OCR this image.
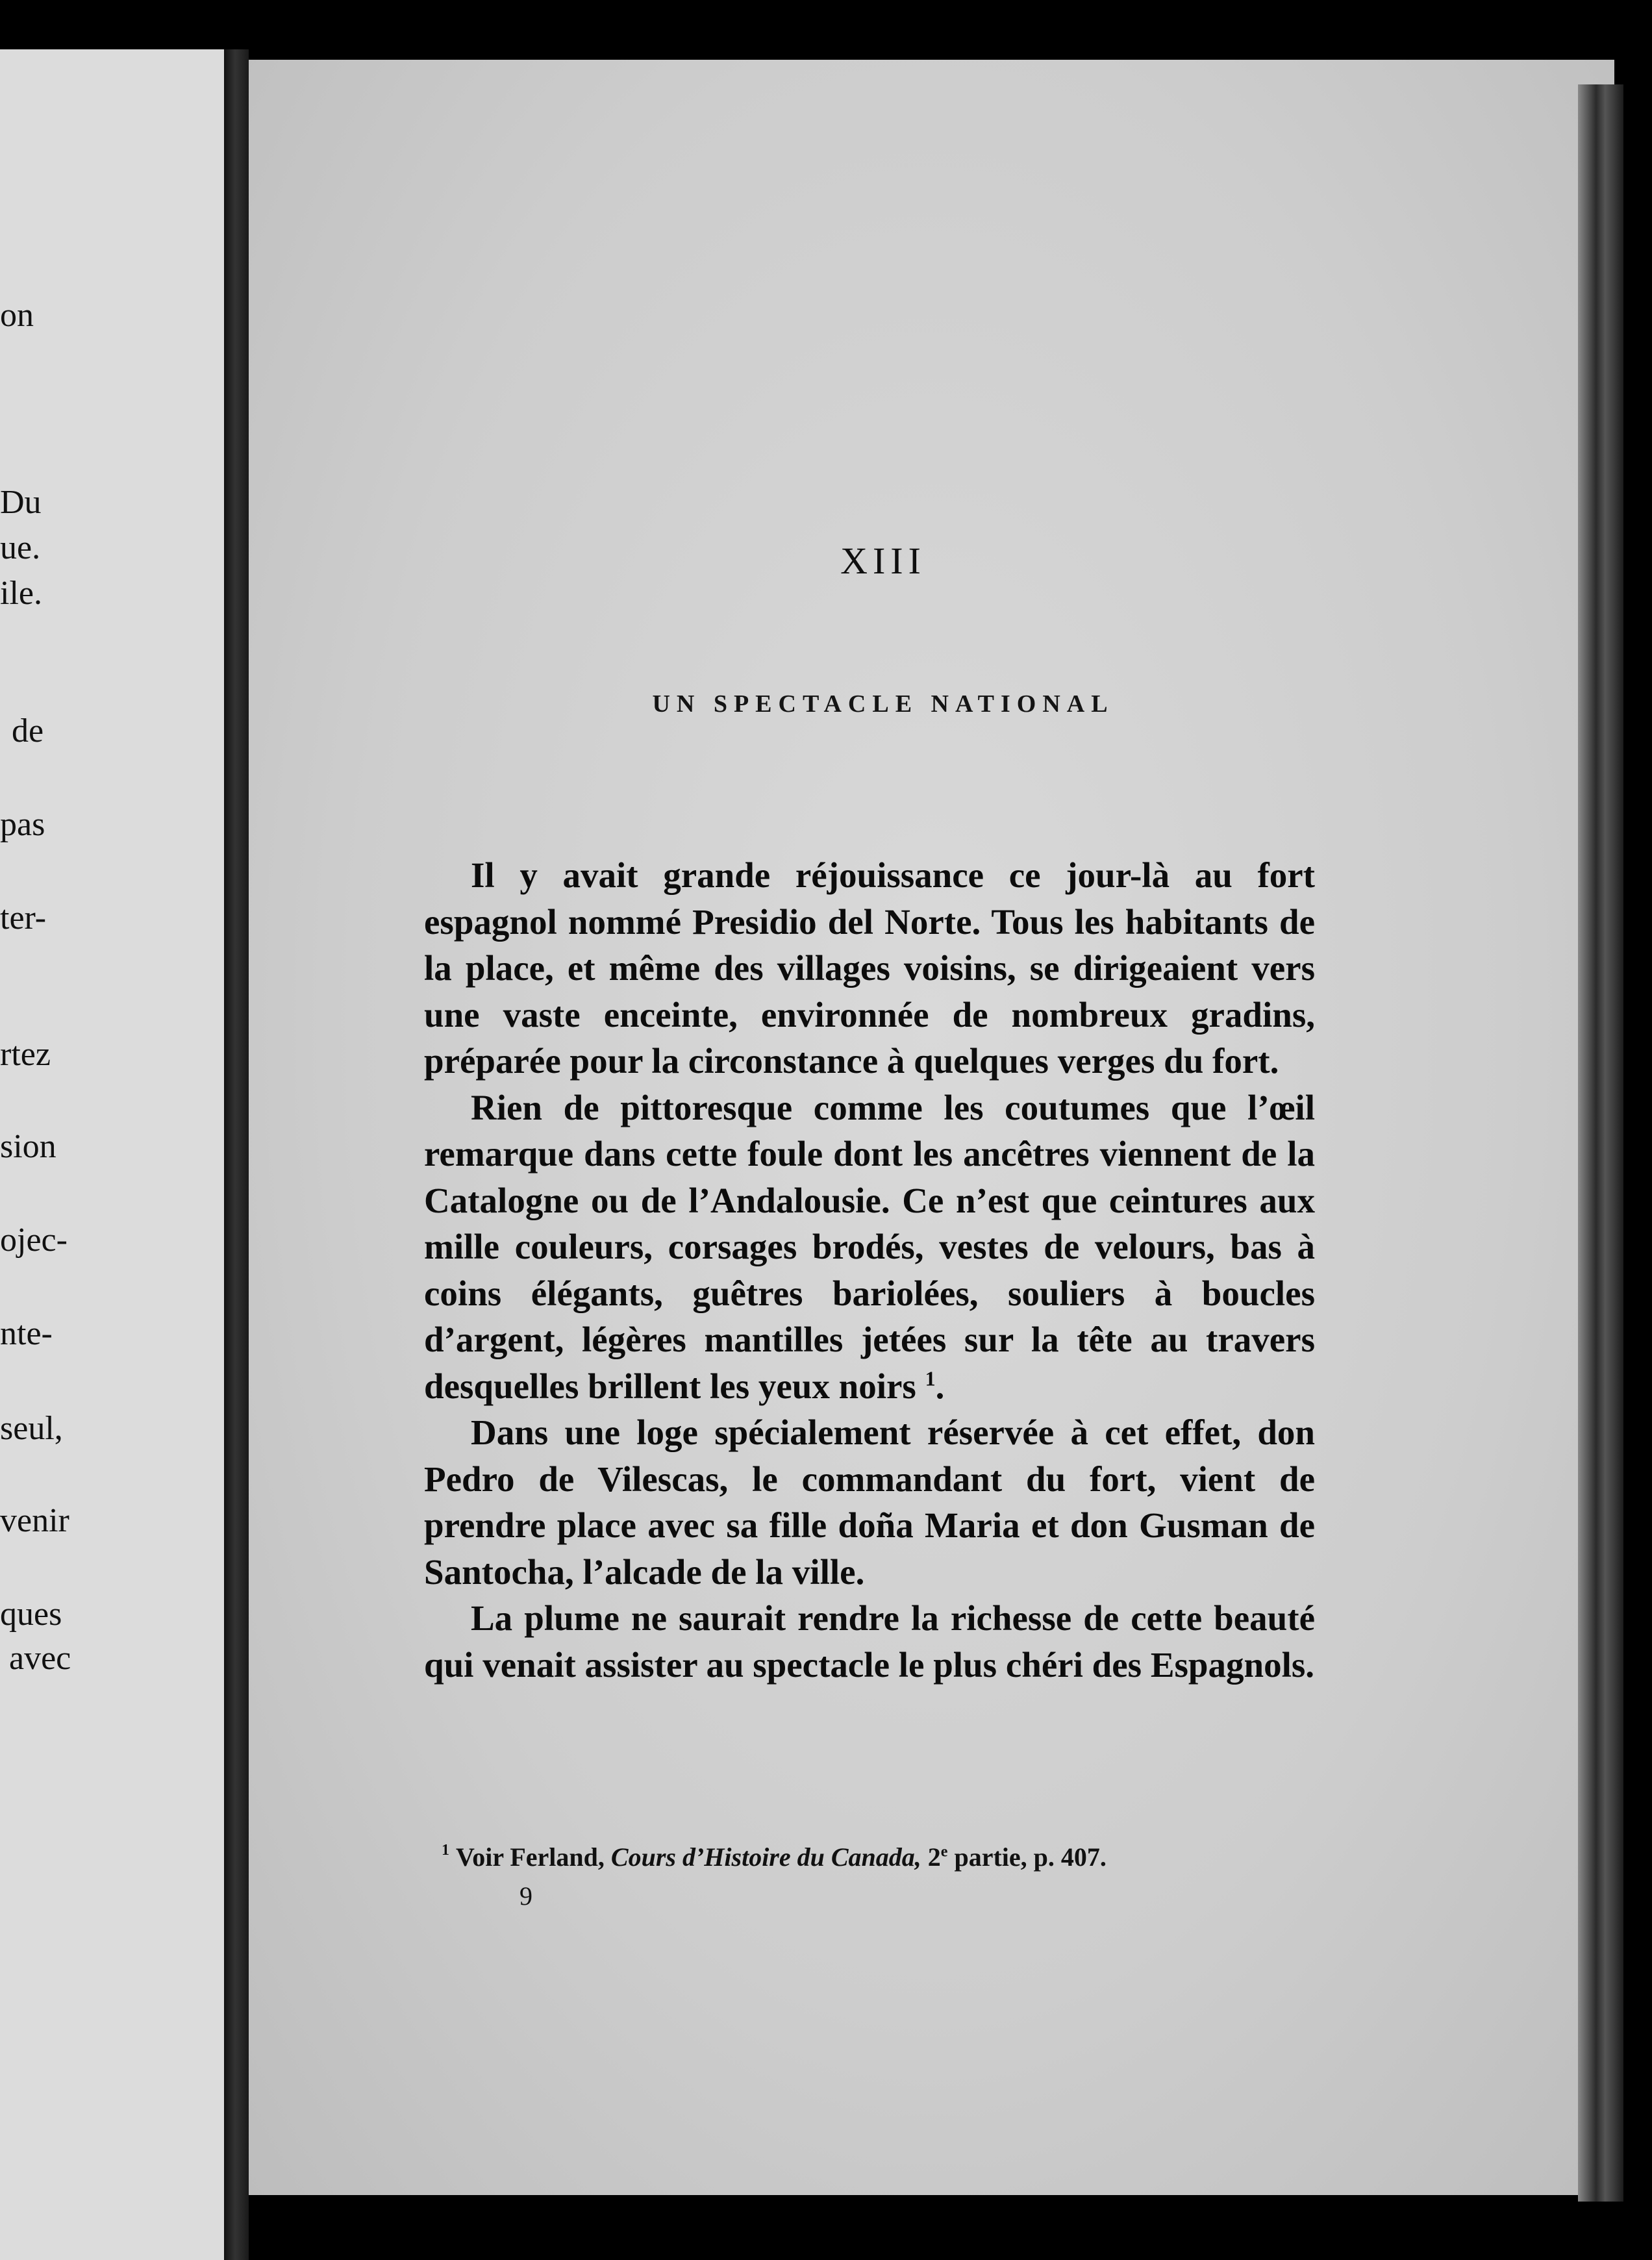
on
Du
ue.
ile.
de
pas
ter-
rtez
sion
ojec-
nte-
seul,
venir
ques
avec
XIII
UN SPECTACLE NATIONAL

Il y avait grande réjouissance ce jour-là au fort espagnol nommé Presidio del Norte. Tous les habitants de la place, et même des villages voisins, se dirigeaient vers une vaste enceinte, environnée de nombreux gradins, préparée pour la circonstance à quelques verges du fort.

Rien de pittoresque comme les coutumes que l’œil remarque dans cette foule dont les ancêtres viennent de la Catalogne ou de l’Andalousie. Ce n’est que ceintures aux mille couleurs, corsages brodés, vestes de velours, bas à coins élégants, guêtres bariolées, souliers à boucles d’argent, légères mantilles jetées sur la tête au travers desquelles brillent les yeux noirs $^1$.

Dans une loge spécialement réservée à cet effet, don Pedro de Vilescas, le commandant du fort, vient de prendre place avec sa fille doña Maria et don Gusman de Santocha, l’alcade de la ville.

La plume ne saurait rendre la richesse de cette beauté qui venait assister au spectacle le plus chéri des Espagnols.

$^1$ Voir Ferland, Cours d’Histoire du Canada, 2e partie, p. 407.
9
